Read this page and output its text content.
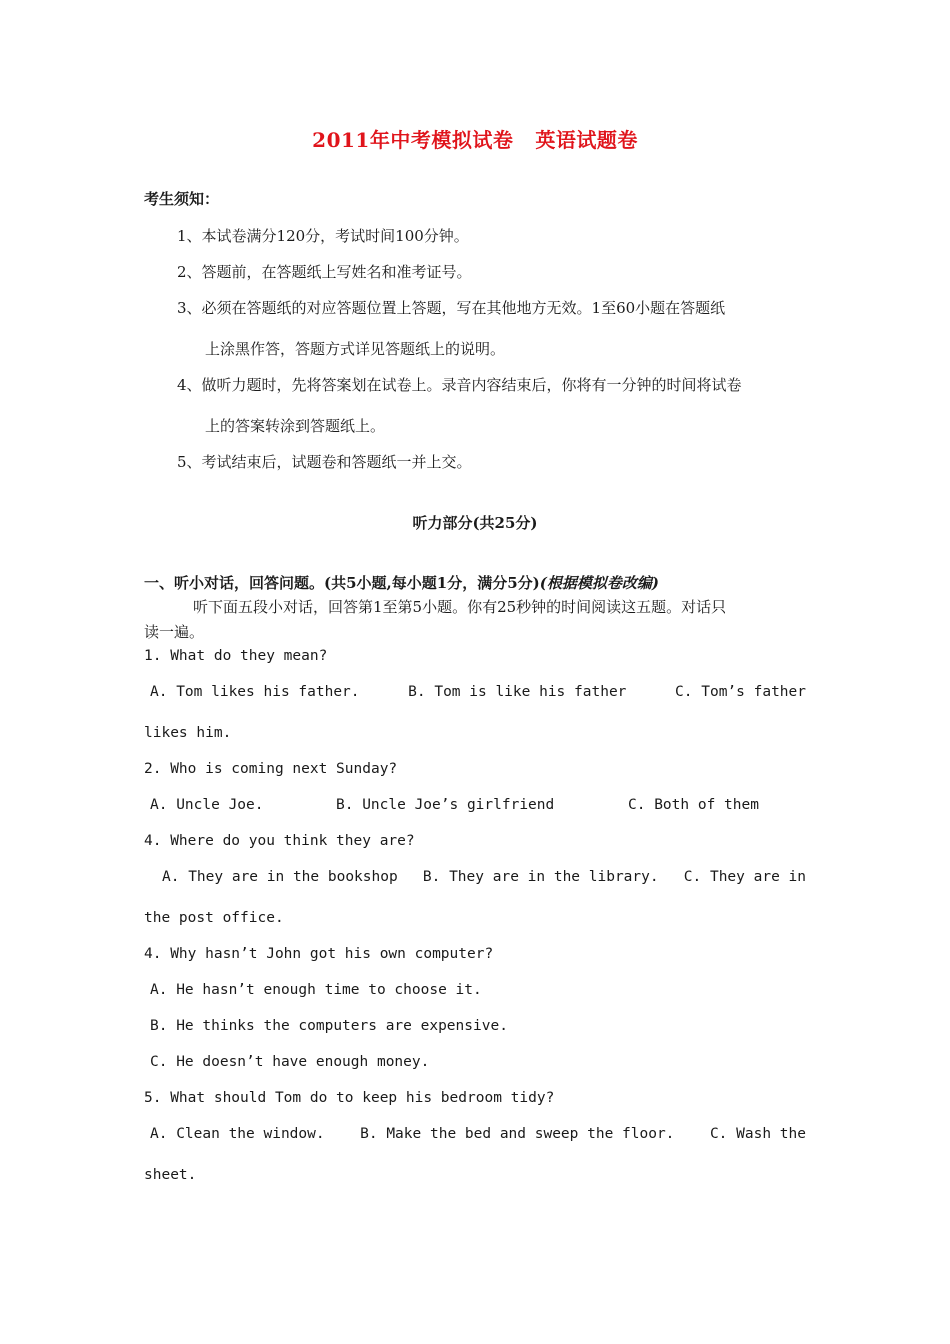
2011年中考模拟试卷 英语试题卷
考生须知：
1、本试卷满分120分，考试时间100分钟。
2、答题前，在答题纸上写姓名和准考证号。
3、必须在答题纸的对应答题位置上答题，写在其他地方无效。1至60小题在答题纸
上涂黑作答，答题方式详见答题纸上的说明。
4、做听力题时，先将答案划在试卷上。录音内容结束后，你将有一分钟的时间将试卷
上的答案转涂到答题纸上。
5、考试结束后，试题卷和答题纸一并上交。
听力部分(共25分)
一、听小对话，回答问题。(共5小题,每小题1分，满分5分)(根据模拟卷改编)
听下面五段小对话，回答第1至第5小题。你有25秒钟的时间阅读这五题。对话只
读一遍。
1. What do they mean?
A. Tom likes his father.	B. Tom is like his father	C. Tom’s father
likes him.
2. Who is coming next Sunday?
A. Uncle Joe.	B. Uncle Joe’s girlfriend	C. Both of them
4. Where do you think they are?
A. They are in the bookshop B. They are in the library. C. They are in
the post office.
4. Why hasn’t John got his own computer?
A. He hasn’t enough time to choose it.
B. He thinks the computers are expensive.
C. He doesn’t have enough money.
5. What should Tom do to keep his bedroom tidy?
A. Clean the window. B. Make the bed and sweep the floor. C. Wash the
sheet.
